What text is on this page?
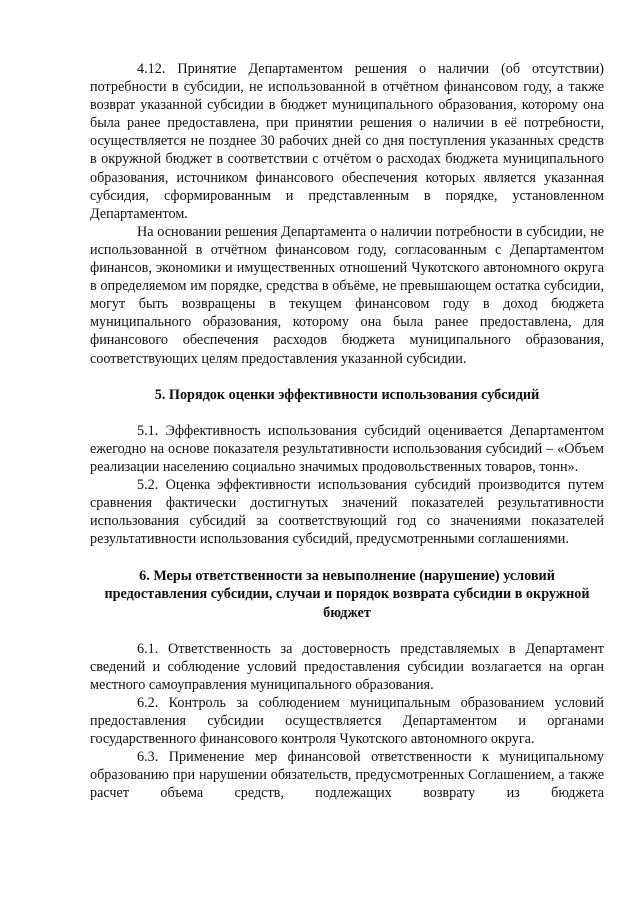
4.12. Принятие Департаментом решения о наличии (об отсутствии) потребности в субсидии, не использованной в отчётном финансовом году, а также возврат указанной субсидии в бюджет муниципального образования, которому она была ранее предоставлена, при принятии решения о наличии в её потребности, осуществляется не позднее 30 рабочих дней со дня поступления указанных средств в окружной бюджет в соответствии с отчётом о расходах бюджета муниципального образования, источником финансового обеспечения которых является указанная субсидия, сформированным и представленным в порядке, установленном Департаментом.

На основании решения Департамента о наличии потребности в субсидии, не использованной в отчётном финансовом году, согласованным с Департаментом финансов, экономики и имущественных отношений Чукотского автономного округа в определяемом им порядке, средства в объёме, не превышающем остатка субсидии, могут быть возвращены в текущем финансовом году в доход бюджета муниципального образования, которому она была ранее предоставлена, для финансового обеспечения расходов бюджета муниципального образования, соответствующих целям предоставления указанной субсидии.

5. Порядок оценки эффективности использования субсидий

5.1. Эффективность использования субсидий оценивается Департаментом ежегодно на основе показателя результативности использования субсидий – «Объем реализации населению социально значимых продовольственных товаров, тонн».

5.2. Оценка эффективности использования субсидий производится путем сравнения фактически достигнутых значений показателей результативности использования субсидий за соответствующий год со значениями показателей результативности использования субсидий, предусмотренными соглашениями.

6. Меры ответственности за невыполнение (нарушение) условий предоставления субсидии, случаи и порядок возврата субсидии в окружной бюджет

6.1. Ответственность за достоверность представляемых в Департамент сведений и соблюдение условий предоставления субсидии возлагается на орган местного самоуправления муниципального образования.

6.2. Контроль за соблюдением муниципальным образованием условий предоставления субсидии осуществляется Департаментом и органами государственного финансового контроля Чукотского автономного округа.

6.3. Применение мер финансовой ответственности к муниципальному образованию при нарушении обязательств, предусмотренных Соглашением, а также расчет объема средств, подлежащих возврату из бюджета
